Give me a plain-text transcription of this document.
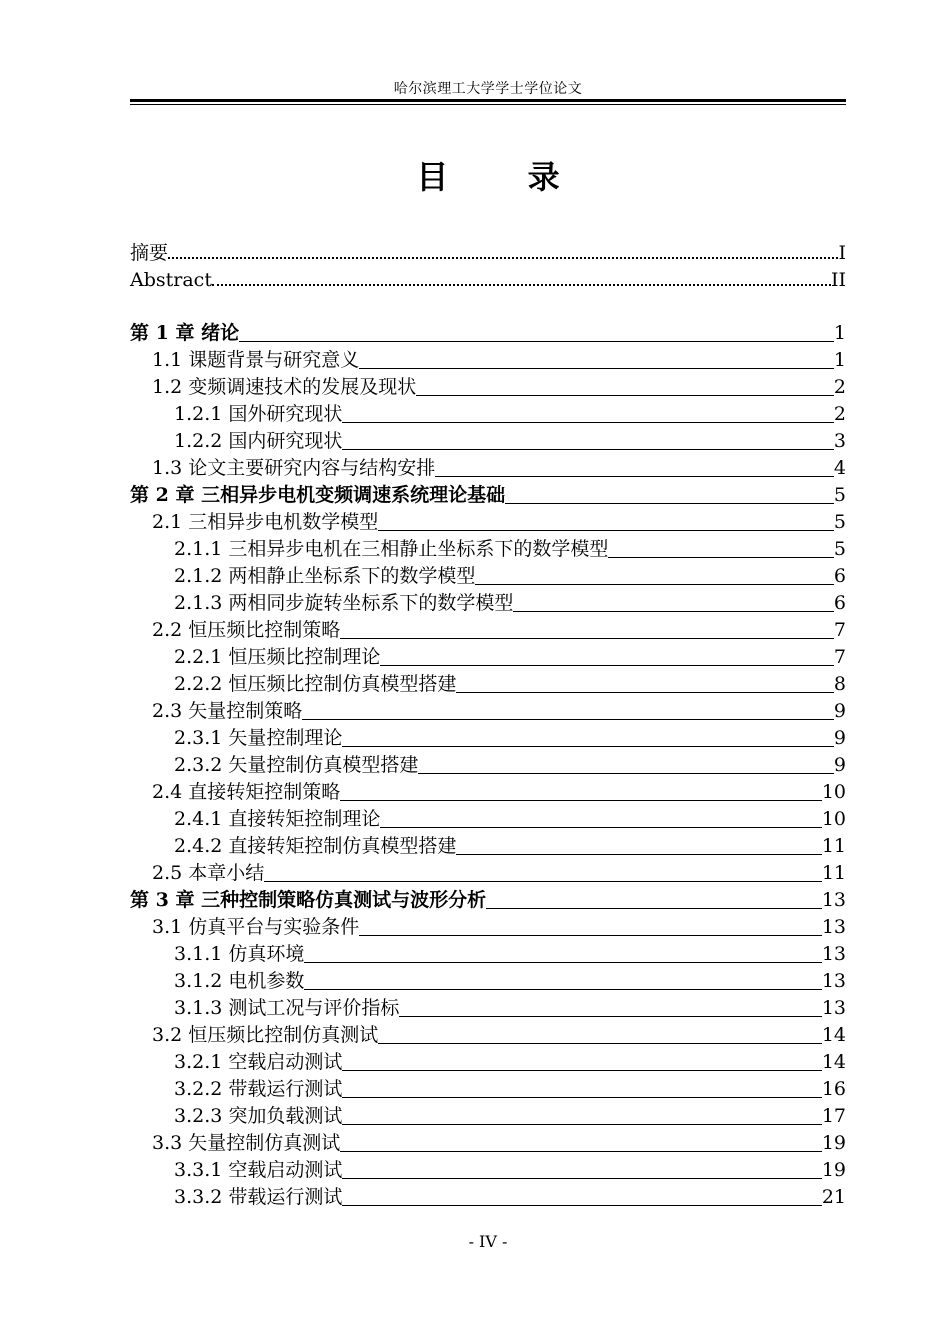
哈尔滨理工大学学士学位论文
目 录
摘要	I
Abstract	II
第 1 章 绪论	1
1.1 课题背景与研究意义	1
1.2 变频调速技术的发展及现状	2
1.2.1 国外研究现状	2
1.2.2 国内研究现状	3
1.3 论文主要研究内容与结构安排	4
第 2 章 三相异步电机变频调速系统理论基础	5
2.1 三相异步电机数学模型	5
2.1.1 三相异步电机在三相静止坐标系下的数学模型	5
2.1.2 两相静止坐标系下的数学模型	6
2.1.3 两相同步旋转坐标系下的数学模型	6
2.2 恒压频比控制策略	7
2.2.1 恒压频比控制理论	7
2.2.2 恒压频比控制仿真模型搭建	8
2.3 矢量控制策略	9
2.3.1 矢量控制理论	9
2.3.2 矢量控制仿真模型搭建	9
2.4 直接转矩控制策略	10
2.4.1 直接转矩控制理论	10
2.4.2 直接转矩控制仿真模型搭建	11
2.5 本章小结	11
第 3 章 三种控制策略仿真测试与波形分析	13
3.1 仿真平台与实验条件	13
3.1.1 仿真环境	13
3.1.2 电机参数	13
3.1.3 测试工况与评价指标	13
3.2 恒压频比控制仿真测试	14
3.2.1 空载启动测试	14
3.2.2 带载运行测试	16
3.2.3 突加负载测试	17
3.3 矢量控制仿真测试	19
3.3.1 空载启动测试	19
3.3.2 带载运行测试	21
- IV -
